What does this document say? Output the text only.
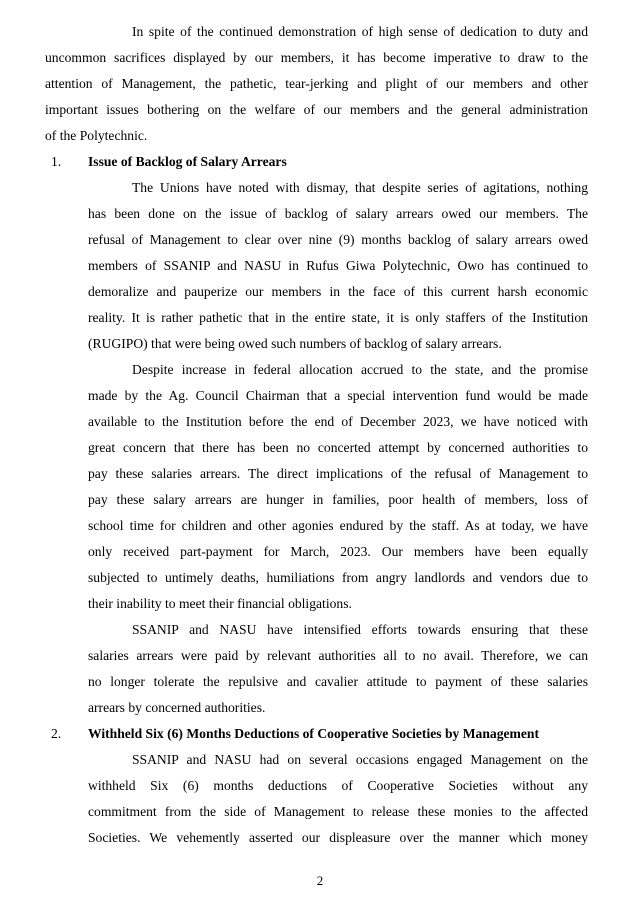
In spite of the continued demonstration of high sense of dedication to duty and
uncommon sacrifices displayed by our members, it has become imperative to draw to the
attention of Management, the pathetic, tear-jerking and plight of our members and other
important issues bothering on the welfare of our members and the general administration
of the Polytechnic.
1. Issue of Backlog of Salary Arrears
The Unions have noted with dismay, that despite series of agitations, nothing
has been done on the issue of backlog of salary arrears owed our members. The
refusal of Management to clear over nine (9) months backlog of salary arrears owed
members of SSANIP and NASU in Rufus Giwa Polytechnic, Owo has continued to
demoralize and pauperize our members in the face of this current harsh economic
reality. It is rather pathetic that in the entire state, it is only staffers of the Institution
(RUGIPO) that were being owed such numbers of backlog of salary arrears.
Despite increase in federal allocation accrued to the state, and the promise
made by the Ag. Council Chairman that a special intervention fund would be made
available to the Institution before the end of December 2023, we have noticed with
great concern that there has been no concerted attempt by concerned authorities to
pay these salaries arrears. The direct implications of the refusal of Management to
pay these salary arrears are hunger in families, poor health of members, loss of
school time for children and other agonies endured by the staff. As at today, we have
only received part-payment for March, 2023. Our members have been equally
subjected to untimely deaths, humiliations from angry landlords and vendors due to
their inability to meet their financial obligations.
SSANIP and NASU have intensified efforts towards ensuring that these
salaries arrears were paid by relevant authorities all to no avail. Therefore, we can
no longer tolerate the repulsive and cavalier attitude to payment of these salaries
arrears by concerned authorities.
2. Withheld Six (6) Months Deductions of Cooperative Societies by Management
SSANIP and NASU had on several occasions engaged Management on the
withheld Six (6) months deductions of Cooperative Societies without any
commitment from the side of Management to release these monies to the affected
Societies. We vehemently asserted our displeasure over the manner which money
2
